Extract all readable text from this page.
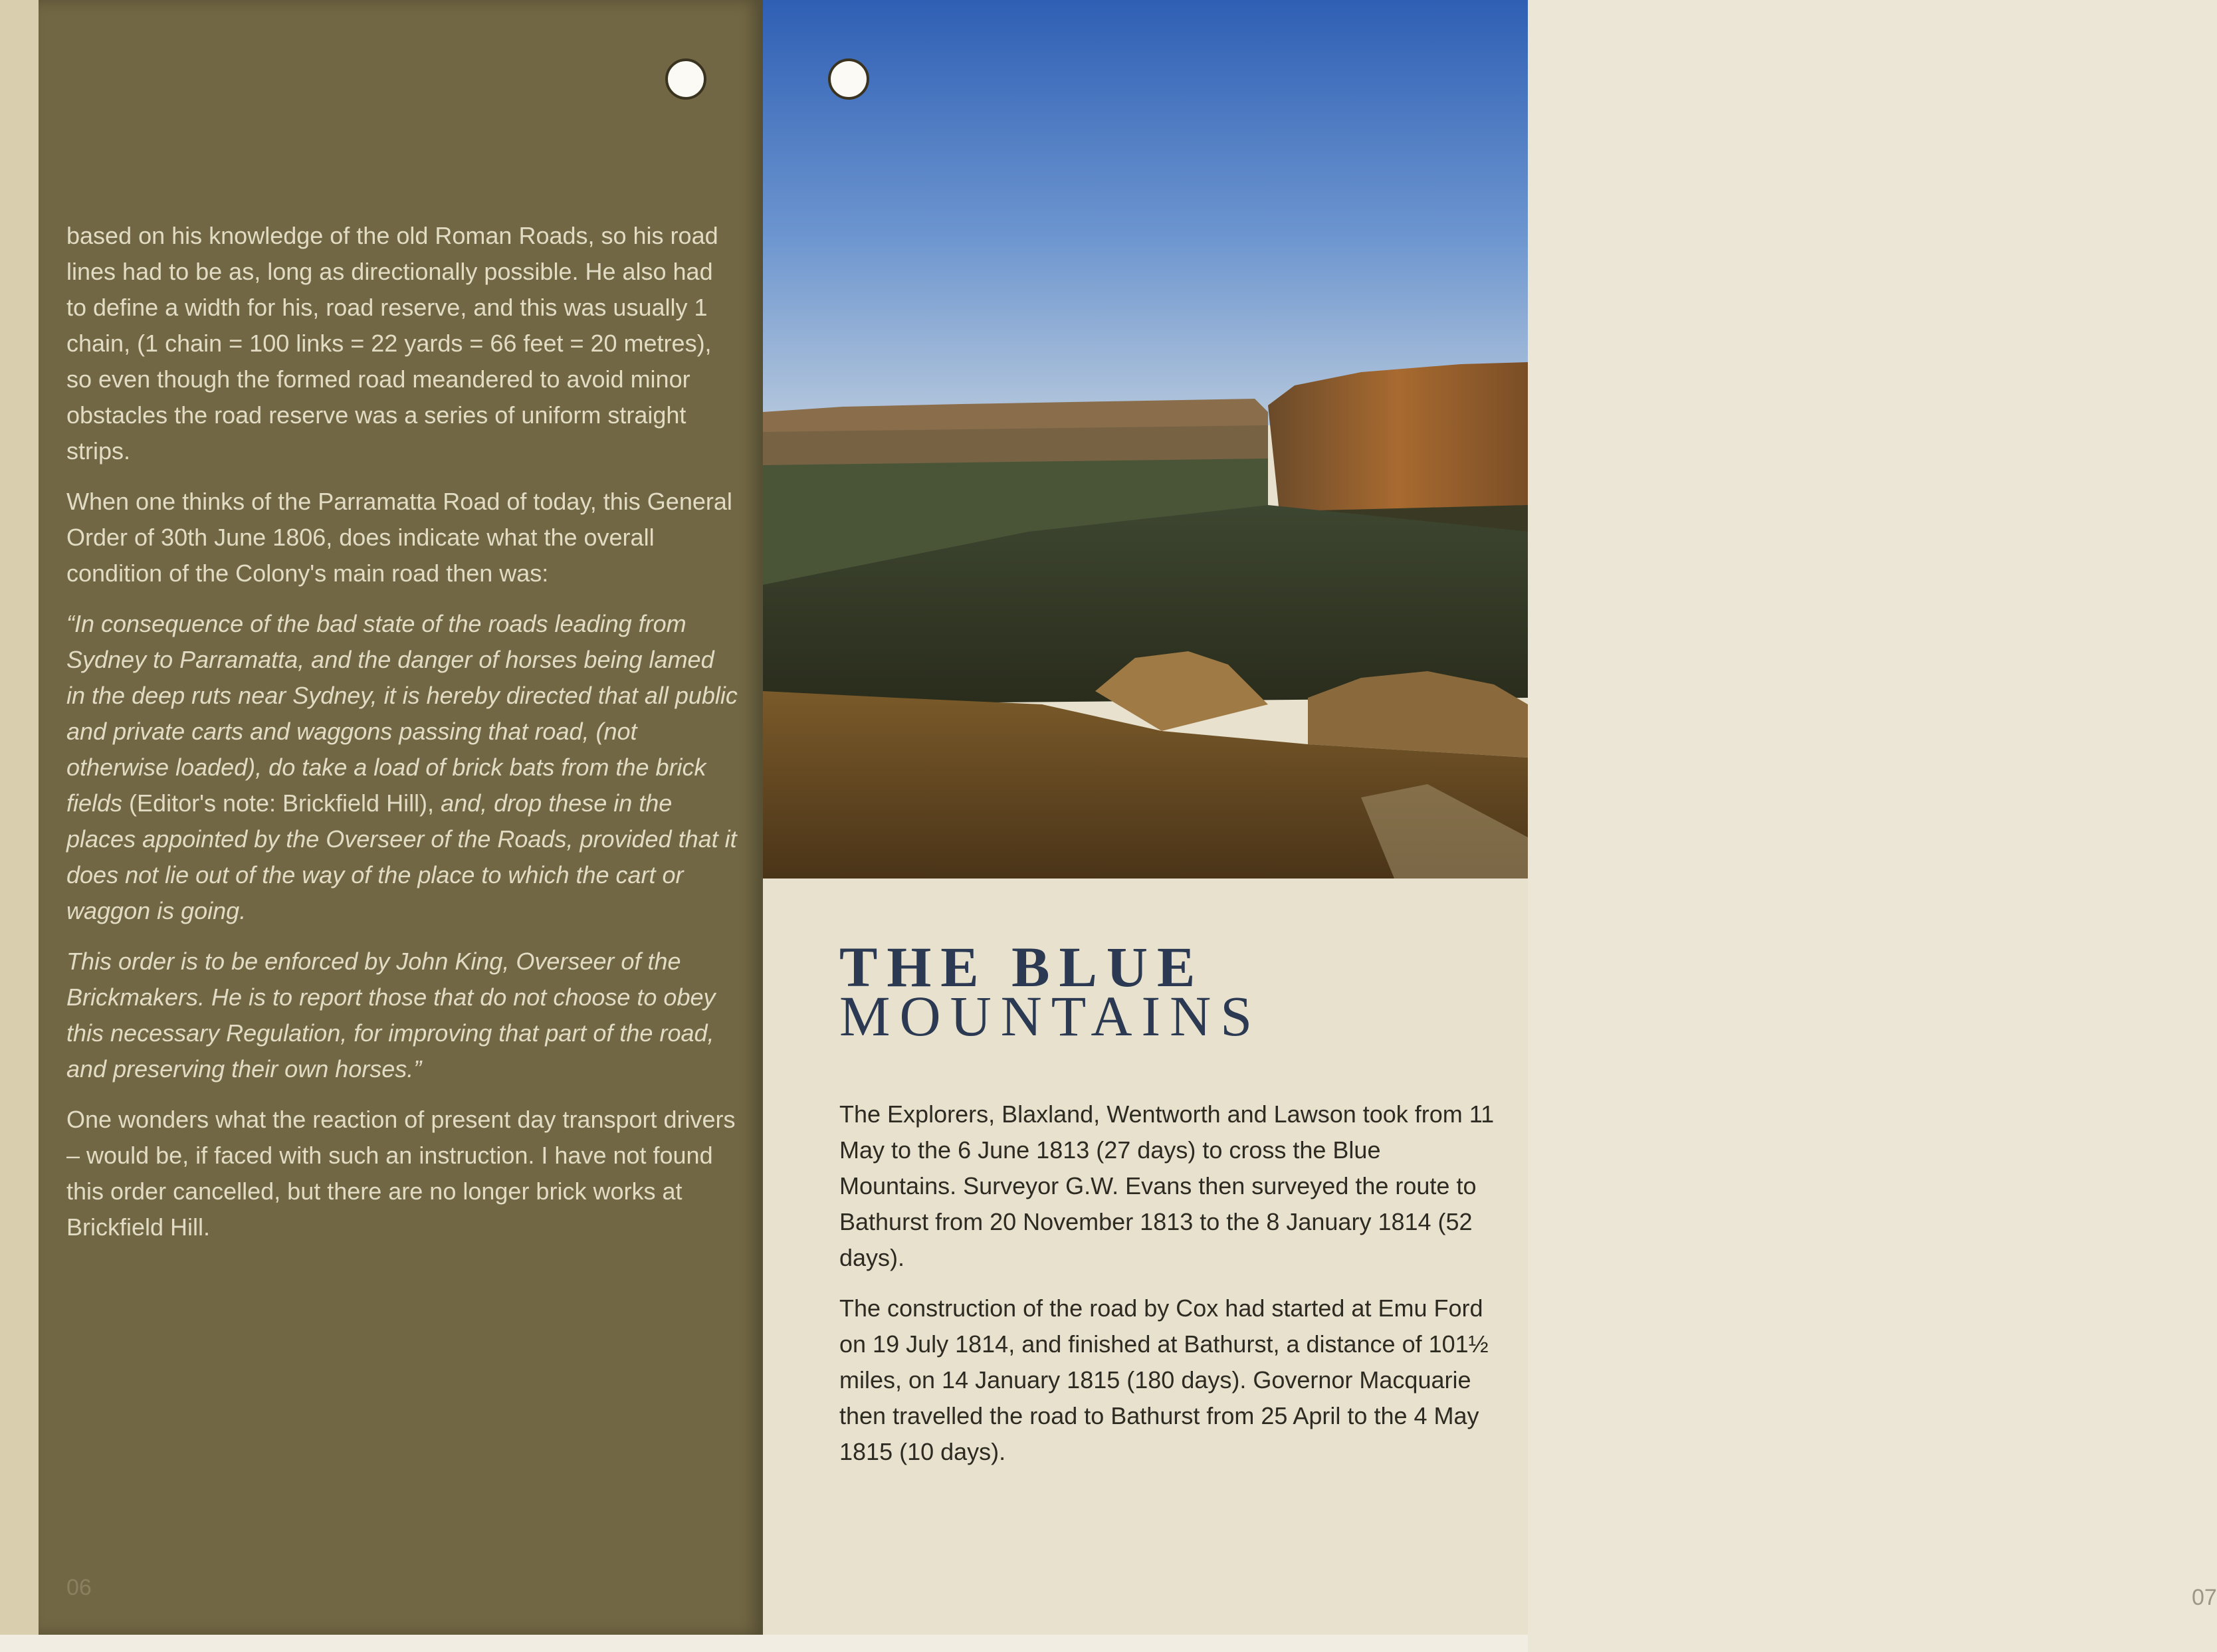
based on his knowledge of the old Roman Roads, so his road lines had to be as, long as directionally possible. He also had to define a width for his, road reserve, and this was usually 1 chain, (1 chain = 100 links = 22 yards = 66 feet = 20 metres), so even though the formed road meandered to avoid minor obstacles the road reserve was a series of uniform straight strips.

When one thinks of the Parramatta Road of today, this General Order of 30th June 1806, does indicate what the overall condition of the Colony's main road then was:

“In consequence of the bad state of the roads leading from Sydney to Parramatta, and the danger of horses being lamed in the deep ruts near Sydney, it is hereby directed that all public and private carts and waggons passing that road, (not otherwise loaded), do take a load of brick bats from the brick fields (Editor's note: Brickfield Hill), and, drop these in the places appointed by the Overseer of the Roads, provided that it does not lie out of the way of the place to which the cart or waggon is going.

This order is to be enforced by John King, Overseer of the Brickmakers. He is to report those that do not choose to obey this necessary Regulation, for improving that part of the road, and preserving their own horses.”

One wonders what the reaction of present day transport drivers – would be, if faced with such an instruction. I have not found this order cancelled, but there are no longer brick works at Brickfield Hill.

06
THE BLUE
MOUNTAINS

The Explorers, Blaxland, Wentworth and Lawson took from 11 May to the 6 June 1813 (27 days) to cross the Blue Mountains. Surveyor G.W. Evans then surveyed the route to Bathurst from 20 November 1813 to the 8 January 1814 (52 days).

The construction of the road by Cox had started at Emu Ford on 19 July 1814, and finished at Bathurst, a distance of 101½ miles, on 14 January 1815 (180 days). Governor Macquarie then travelled the road to Bathurst from 25 April to the 4 May 1815 (10 days).

07
